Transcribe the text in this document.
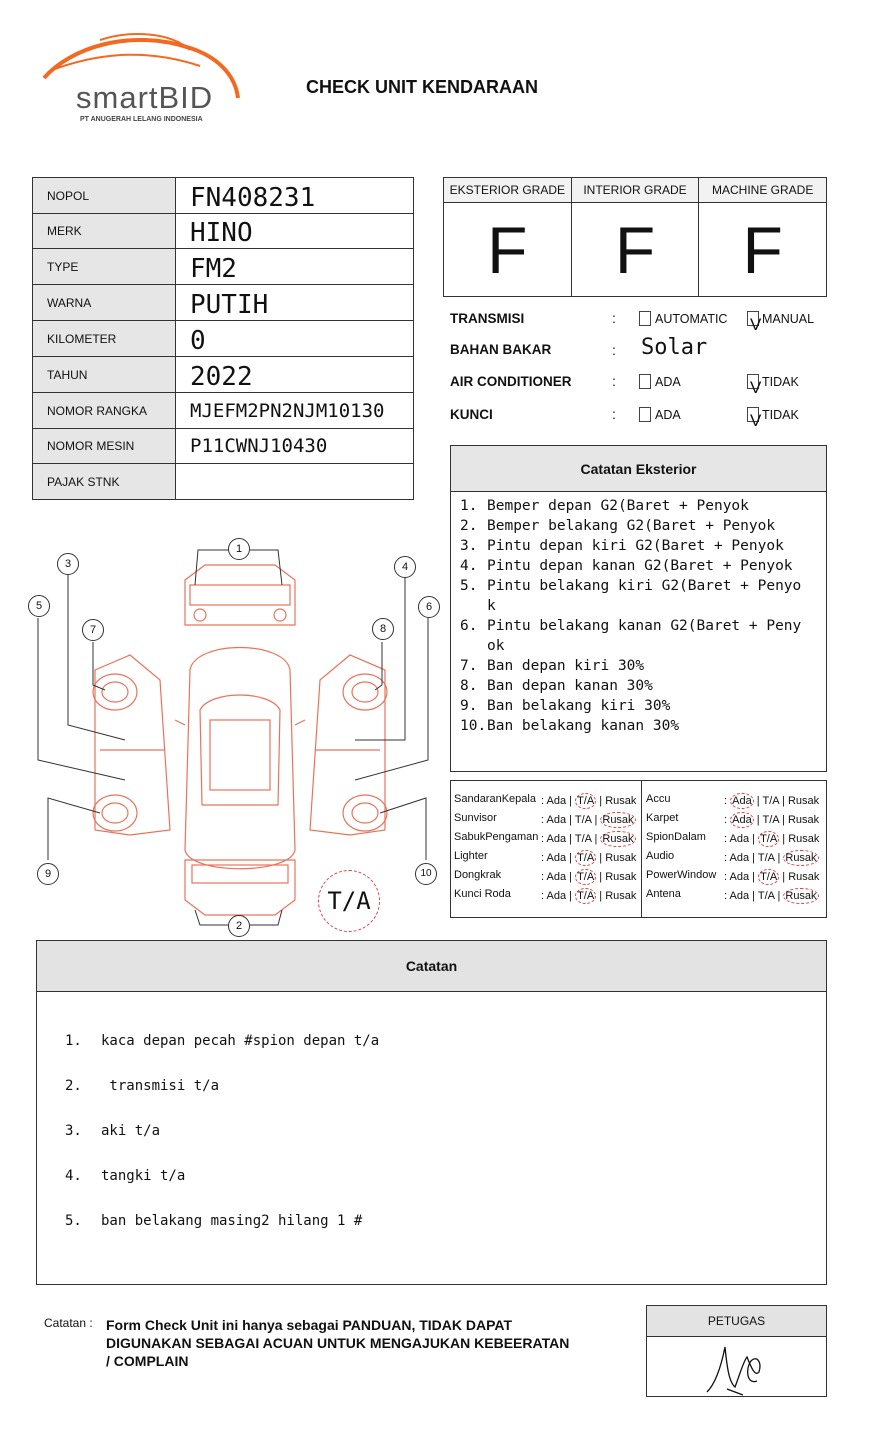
smartBID
PT ANUGERAH LELANG INDONESIA
CHECK UNIT KENDARAAN
NOPOL	FN408231
MERK	HINO
TYPE	FM2
WARNA	PUTIH
KILOMETER	0
TAHUN	2022
NOMOR RANGKA	MJEFM2PN2NJM10130
NOMOR MESIN	P11CWNJ10430
PAJAK STNK	
EKSTERIOR GRADE
F
INTERIOR GRADE
F
MACHINE GRADE
F
TRANSMISI	:	AUTOMATIC V MANUAL
BAHAN BAKAR	: Solar
AIR CONDITIONER	:	ADA	V TIDAK
KUNCI	:	ADA	V TIDAK
Catatan Eksterior
1. Bemper depan G2(Baret + Penyok
2. Bemper belakang G2(Baret + Penyok
3. Pintu depan kiri G2(Baret + Penyok
4. Pintu depan kanan G2(Baret + Penyok
5. Pintu belakang kiri G2(Baret + Penyo k
6. Pintu belakang kanan G2(Baret + Peny ok
7. Ban depan kiri 30%
8. Ban depan kanan 30%
9. Ban belakang kiri 30%
10. Ban belakang kanan 30%
SandaranKepala : Ada | T/A | Rusak
Sunvisor	: Ada | T/A | Rusak
SabukPengaman : Ada | T/A | Rusak
Lighter	: Ada | T/A | Rusak
Dongkrak	: Ada | T/A | Rusak
Kunci Roda	: Ada | T/A | Rusak
Accu	: Ada | T/A | Rusak
Karpet	: Ada | T/A | Rusak
SpionDalam : Ada | T/A | Rusak
Audio	: Ada | T/A | Rusak
PowerWindow : Ada | T/A | Rusak
Antena	: Ada | T/A | Rusak
1
2
3	4
5	6
7	8
9	10
T/A
Catatan

1. kaca depan pecah #spion depan t/a

2. transmisi t/a

3. aki t/a

4. tangki t/a

5. ban belakang masing2 hilang 1 #

Catatan : Form Check Unit ini hanya sebagai PANDUAN, TIDAK DAPAT DIGUNAKAN SEBAGAI ACUAN UNTUK MENGAJUKAN KEBEERATAN / COMPLAIN
PETUGAS
